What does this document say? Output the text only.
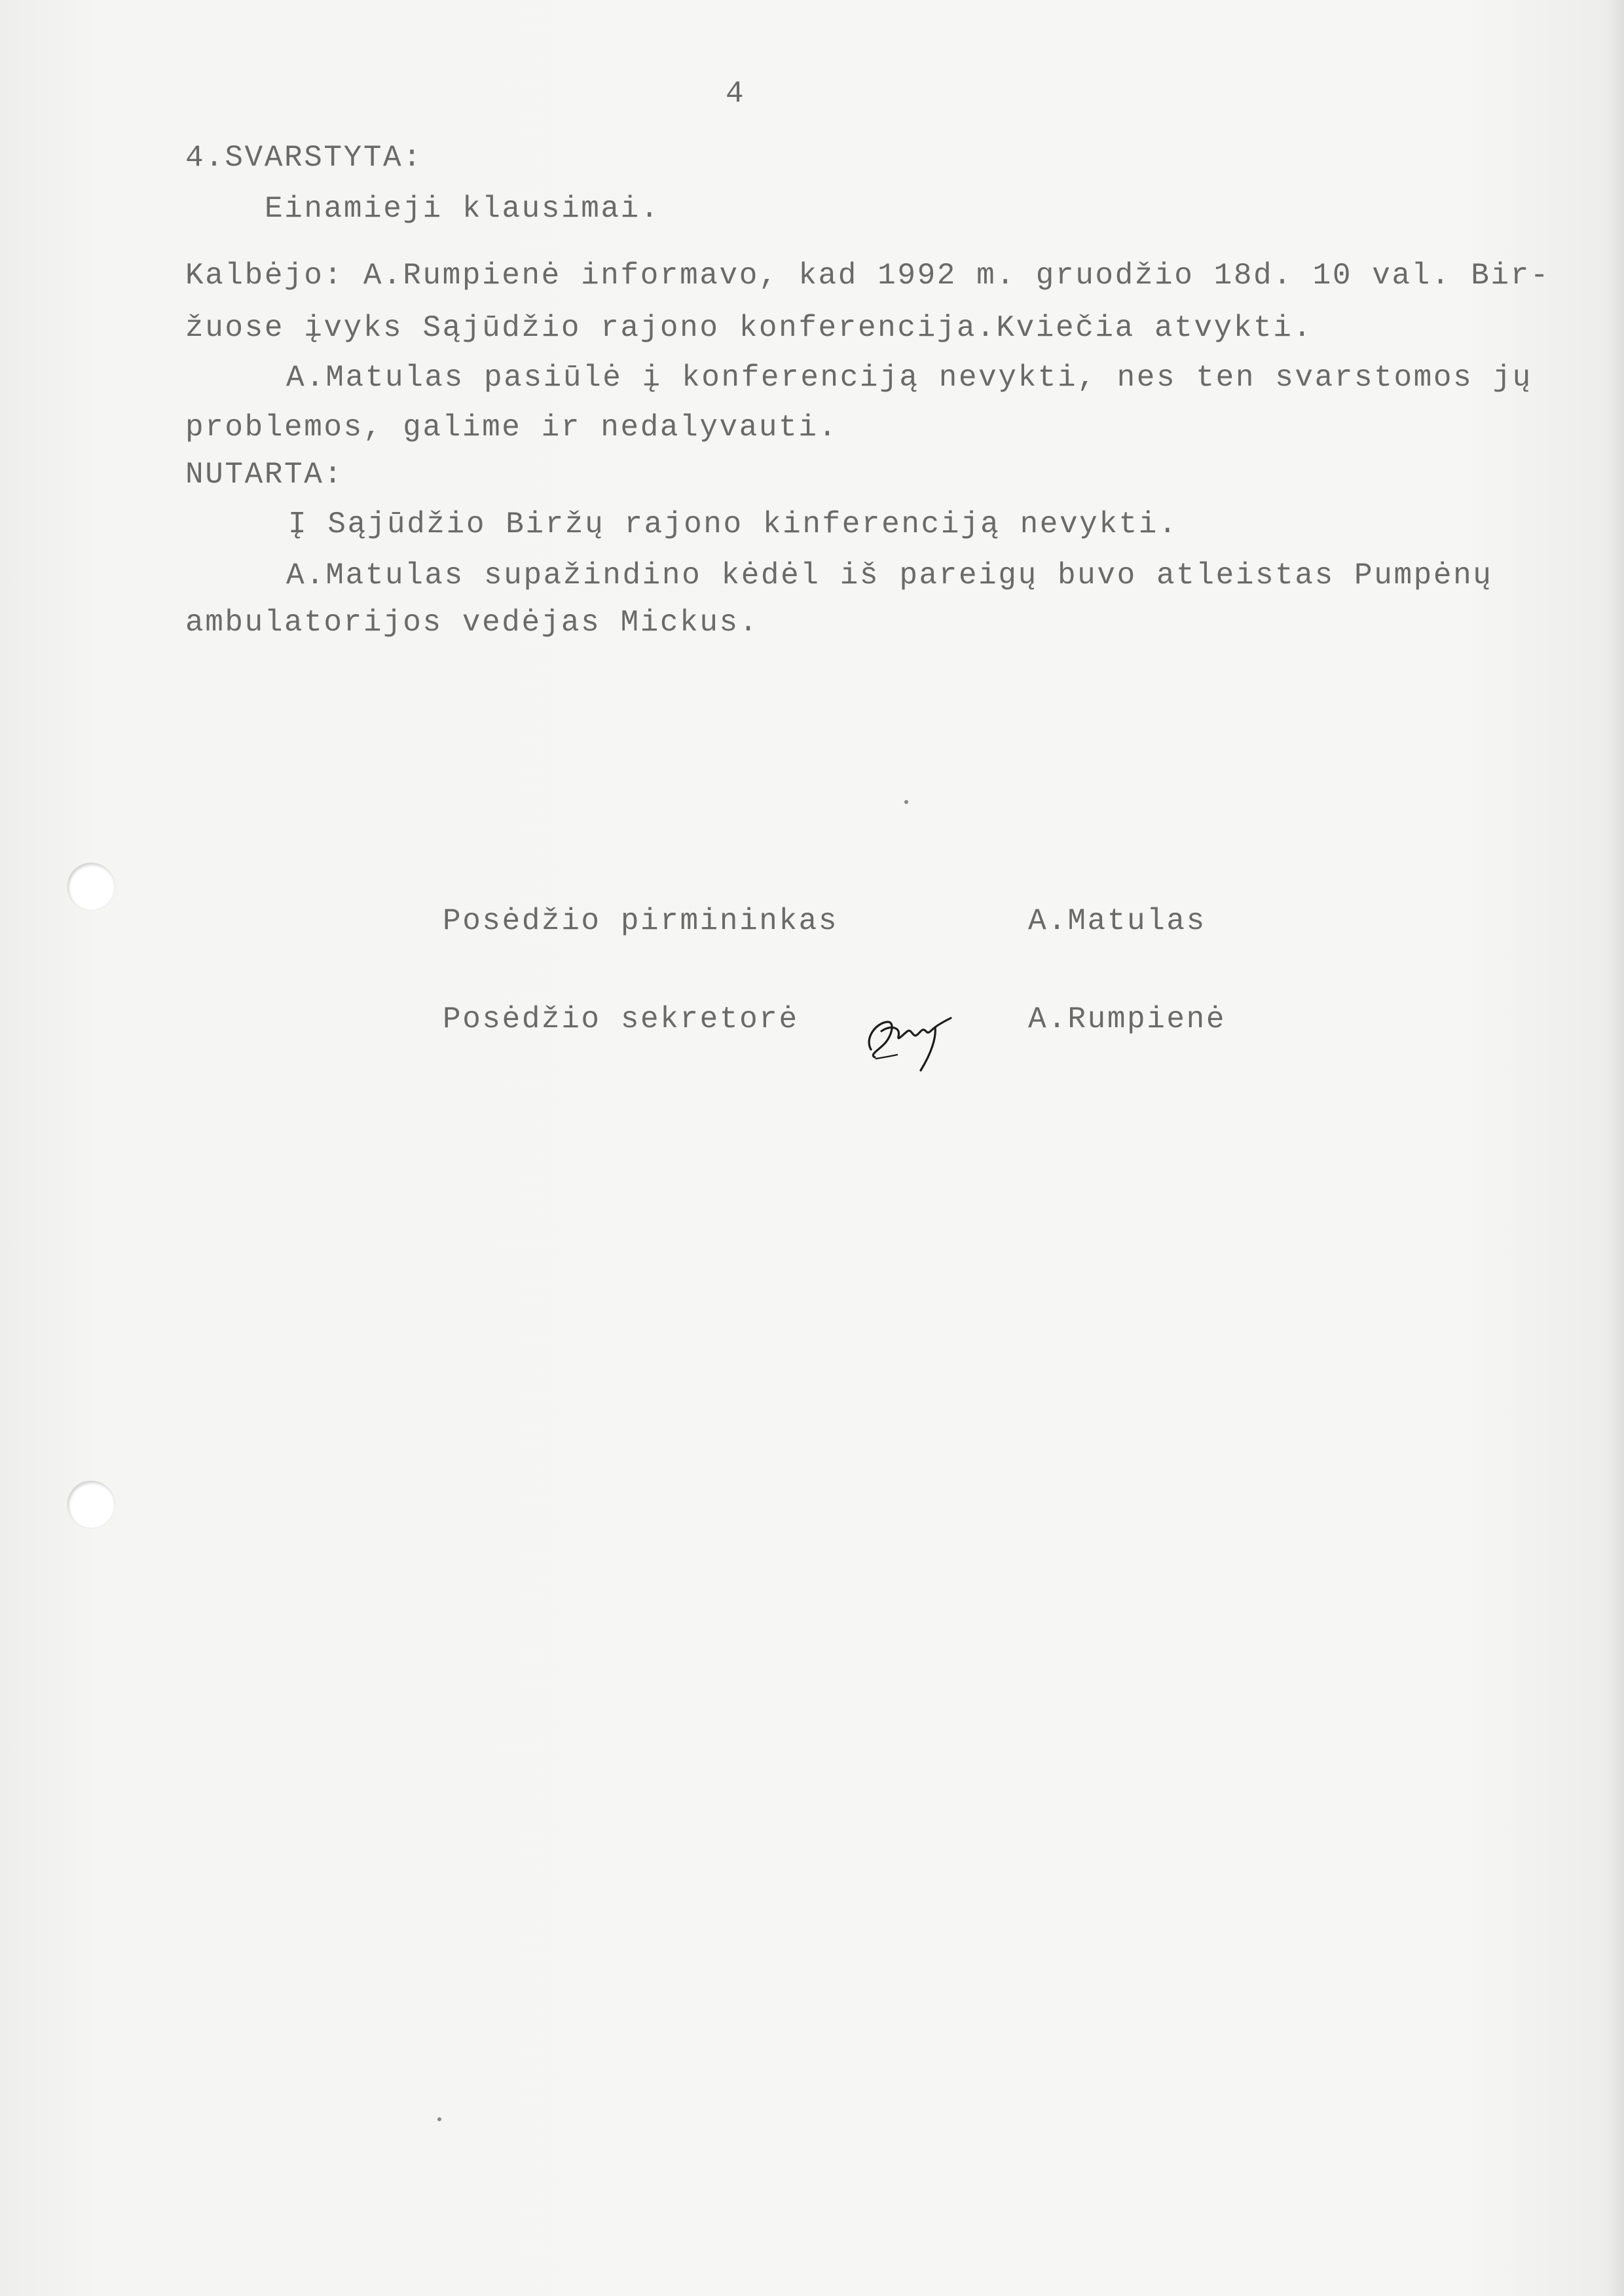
4
4.SVARSTYTA:
Einamieji klausimai.
Kalbėjo: A.Rumpienė informavo, kad 1992 m. gruodžio 18d. 10 val. Bir-
žuose įvyks Sąjūdžio rajono konferencija.Kviečia atvykti.
A.Matulas pasiūlė į konferenciją nevykti, nes ten svarstomos jų
problemos, galime ir nedalyvauti.
NUTARTA:
Į Sąjūdžio Biržų rajono kinferenciją nevykti.
A.Matulas supažindino kėdėl iš pareigų buvo atleistas Pumpėnų
ambulatorijos vedėjas Mickus.
Posėdžio pirmininkas	A.Matulas
Posėdžio sekretorė	A.Rumpienė
